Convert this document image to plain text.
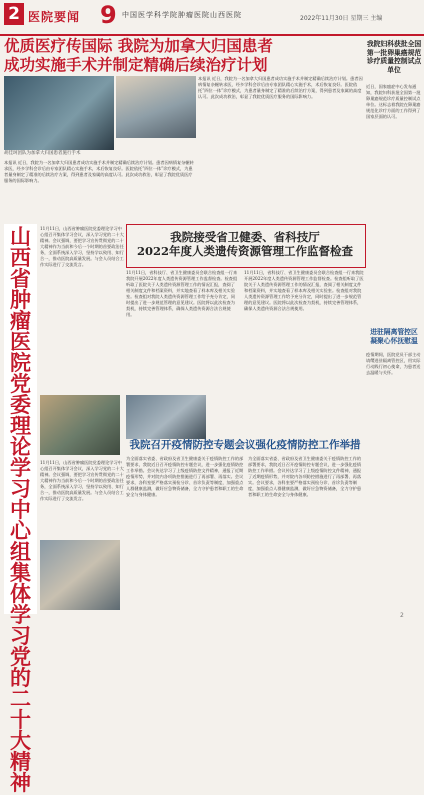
2 医院要闻 9 中国医学科学院肿瘤医院山西医院	2022年11月30日 星期三 主编
优质医疗传国际 我院为加拿大归国患者
成功实施手术并制定精确后续治疗计划
胡佳珂团队为加拿大归国患者施行手术
本报讯 近日，我院为一名加拿大归国患者成功实施手术并制定精确后续治疗计划。患者因病情复杂辗转求医，经多学科会诊后由专家团队精心实施手术，术后恢复良好。医院依托“四位一体”诊疗模式，为患者量身制定了精准的后续治疗方案，得到患者及家属的高度认可。此次成功救治，彰显了我院优质医疗服务的国际影响力。
本报讯 近日，我院为一名加拿大归国患者成功实施手术并制定精确后续治疗计划。患者因病情复杂辗转求医，经多学科会诊后由专家团队精心实施手术，术后恢复良好。医院依托“四位一体”诊疗模式，为患者量身制定了精准的后续治疗方案，得到患者及家属的高度认可。此次成功救治，彰显了我院优质医疗服务的国际影响力。
山西省肿瘤医院党委理论学习中心组集体学习党的二十大精神
11月11日，山西省肿瘤医院党委理论学习中心组召开集体学习会议，深入学习党的二十大精神。会议强调，要把学习宣传贯彻党的二十大精神作为当前和今后一个时期的首要政治任务，全面系统深入学习，坚持学以致用、知行合一，推动医院高质量发展。与会人员结合工作实际进行了交流发言。
11月11日，山西省肿瘤医院党委理论学习中心组召开集体学习会议，深入学习党的二十大精神。会议强调，要把学习宣传贯彻党的二十大精神作为当前和今后一个时期的首要政治任务，全面系统深入学习，坚持学以致用、知行合一，推动医院高质量发展。与会人员结合工作实际进行了交流发言。
我院接受省卫健委、省科技厅
2022年度人类遗传资源管理工作监督检查
11月11日，省科技厅、省卫生健康委员会联合检查组一行来我院开展2022年度人类遗传资源管理工作监督检查。检查组听取了医院关于人类遗传资源管理工作的情况汇报，查阅了相关制度文件和档案资料，并实地查看了样本库及相关实验室。检查组对我院人类遗传资源管理工作给予充分肯定，同时提出了进一步规范管理的意见建议。医院将以此次检查为契机，持续完善管理体系，确保人类遗传资源合法合规使用。
11月11日，省科技厅、省卫生健康委员会联合检查组一行来我院开展2022年度人类遗传资源管理工作监督检查。检查组听取了医院关于人类遗传资源管理工作的情况汇报，查阅了相关制度文件和档案资料，并实地查看了样本库及相关实验室。检查组对我院人类遗传资源管理工作给予充分肯定，同时提出了进一步规范管理的意见建议。医院将以此次检查为契机，持续完善管理体系，确保人类遗传资源合法合规使用。
我院召开疫情防控专题会议强化疫情防控工作举措
为全面落实省委、省政府及省卫生健康委关于疫情防控工作的部署要求，我院近日召开疫情防控专题会议，进一步强化疫情防控工作举措。会议传达学习了上级疫情防控文件精神，通报了近期疫情形势，并对院内各项防控措施进行了再部署、再落实。会议要求，各科室要严格落实预检分诊、首诊负责等制度，加强重点人群健康监测，做好应急物资储备，全力守护患者和职工的生命安全与身体健康。
为全面落实省委、省政府及省卫生健康委关于疫情防控工作的部署要求，我院近日召开疫情防控专题会议，进一步强化疫情防控工作举措。会议传达学习了上级疫情防控文件精神，通报了近期疫情形势，并对院内各项防控措施进行了再部署、再落实。会议要求，各科室要严格落实预检分诊、首诊负责等制度，加强重点人群健康监测，做好应急物资储备，全力守护患者和职工的生命安全与身体健康。
我院妇科获批全国第一批卵巢癌规范诊疗质量控制试点单位
近日，国家癌症中心发布通知，我院妇科获批全国第一批卵巢癌规范诊疗质量控制试点单位。这标志着我院在卵巢癌规范化诊疗方面的工作得到了国家层面的认可。
进驻隔离管控区 凝聚心怀抚慰温
疫情期间，医院党员干部主动请缨进驻隔离管控区，用实际行动践行初心使命，为患者送去温暖与关怀。
2
